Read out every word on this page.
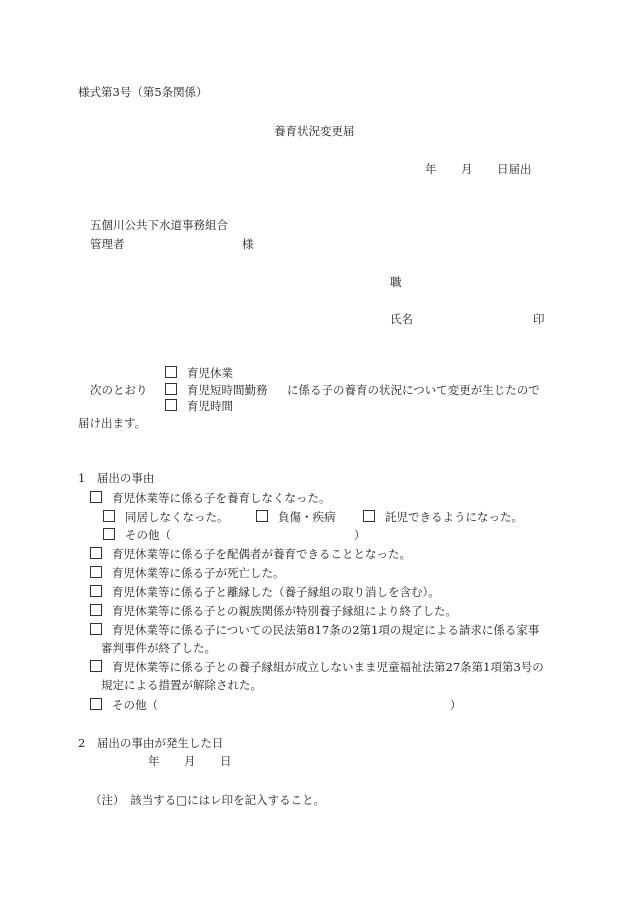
様式第3号（第5条関係）
養育状況変更届
年 月 日届出
五個川公共下水道事務組合
管理者	様
職
氏名	印
育児休業
次のとおり	育児短時間勤務 に係る子の養育の状況について変更が生じたので
育児時間
届け出ます。
1　届出の事由
育児休業等に係る子を養育しなくなった。
同居しなくなった。	負傷・疾病	託児できるようになった。
その他（	）
育児休業等に係る子を配偶者が養育できることとなった。
育児休業等に係る子が死亡した。
育児休業等に係る子と離縁した（養子縁組の取り消しを含む）。
育児休業等に係る子との親族関係が特別養子縁組により終了した。
育児休業等に係る子についての民法第817条の2第1項の規定による請求に係る家事
審判事件が終了した。
育児休業等に係る子との養子縁組が成立しないまま児童福祉法第27条第1項第3号の
規定による措置が解除された。
その他（	）
2　届出の事由が発生した日
年 月 日
（注）　該当する□にはレ印を記入すること。
